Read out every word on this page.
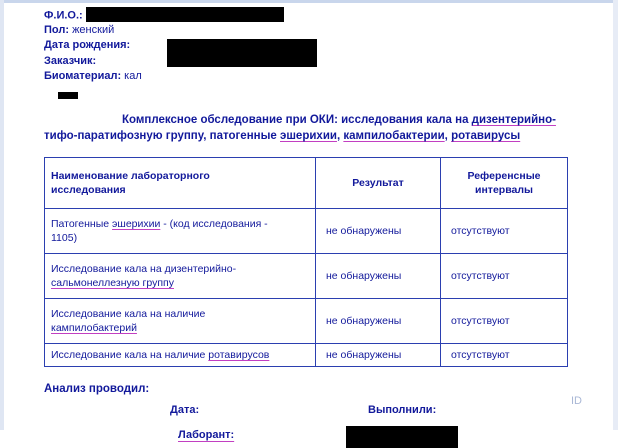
Ф.И.О.:
Пол: женский
Дата рождения:
Заказчик:
Биоматериал: кал
Комплексное обследование при ОКИ: исследования кала на дизентерийно-
тифо-паратифозную группу, патогенные эшерихии, кампилобактерии, ротавирусы
Наименование лабораторного
исследования	Результат	Референсные
интервалы
Патогенные эшерихии - (код исследования -
1105)	не обнаружены	отсутствуют
Исследование кала на дизентерийно-
сальмонеллезную группу	не обнаружены	отсутствуют
Исследование кала на наличие
кампилобактерий	не обнаружены	отсутствуют
Исследование кала на наличие ротавирусов	не обнаружены	отсутствуют
Анализ проводил:
Дата:	Выполнили:
Лаборант:
ID
